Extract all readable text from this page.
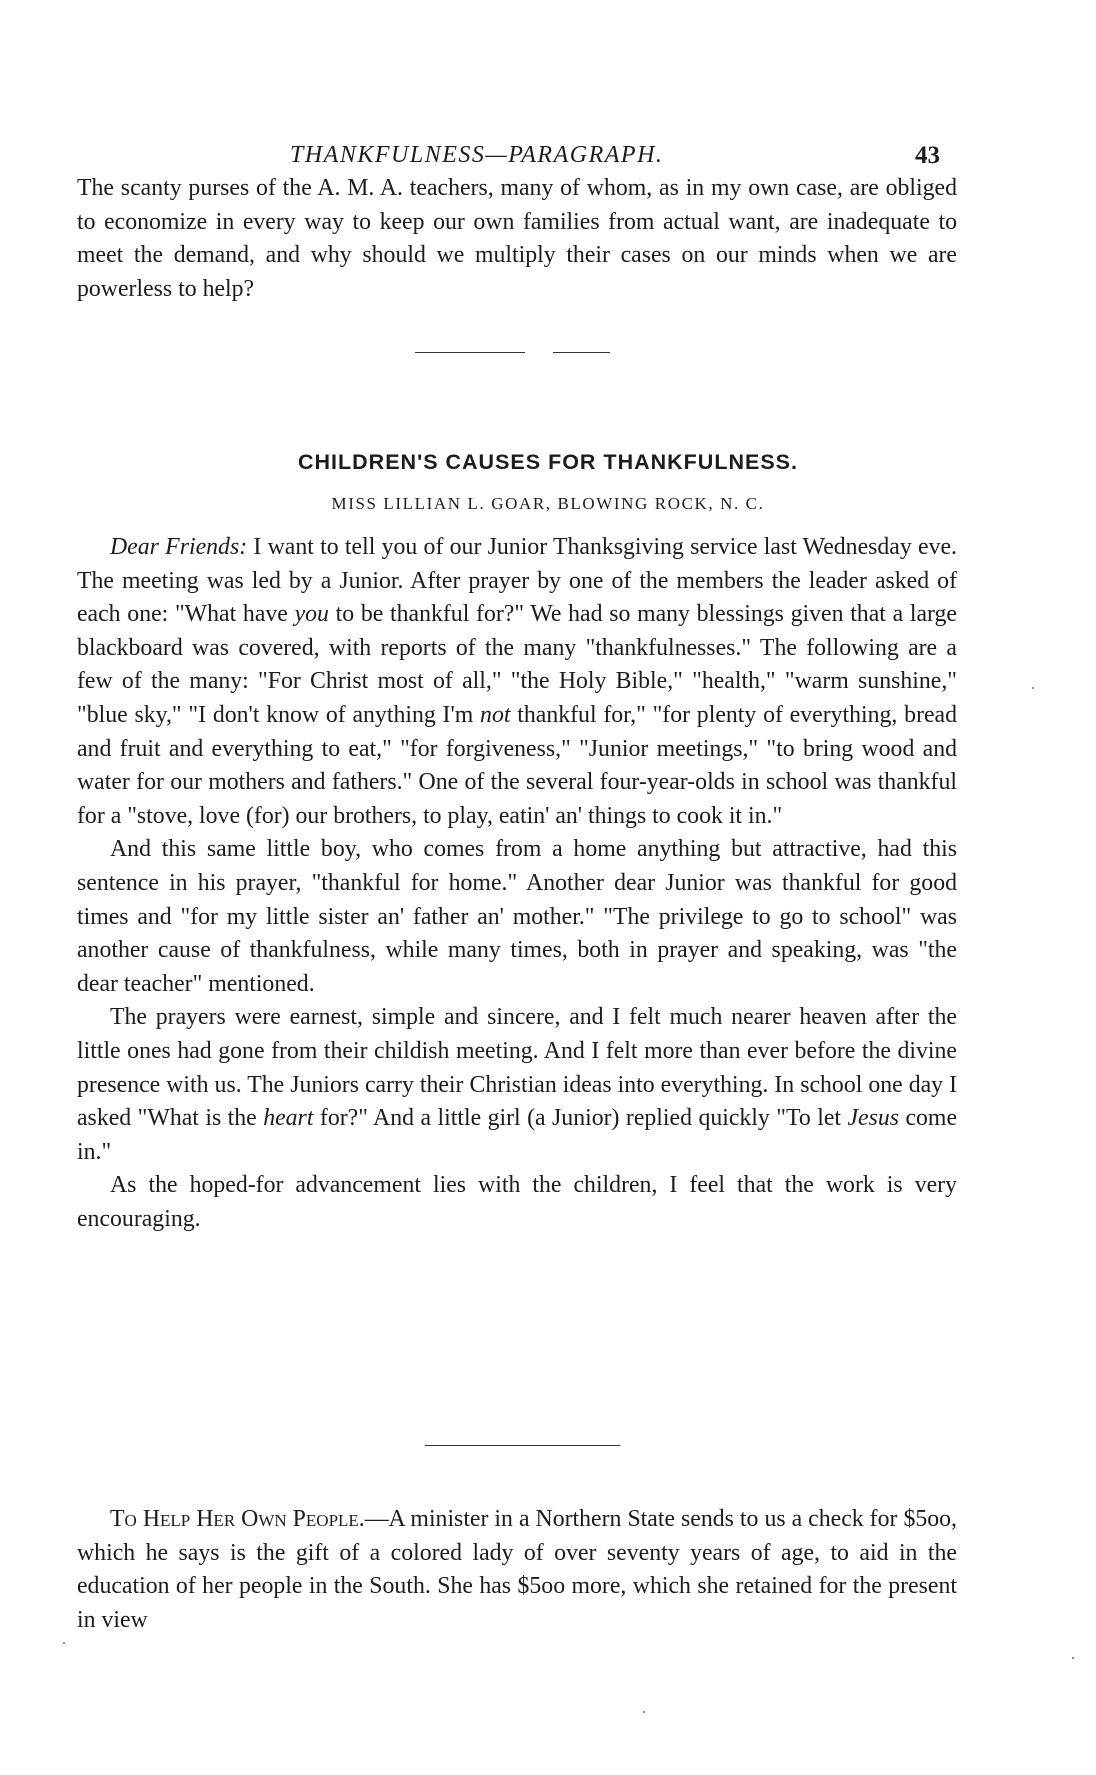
THANKFULNESS—PARAGRAPH.	43

The scanty purses of the A. M. A. teachers, many of whom, as in my own case, are obliged to economize in every way to keep our own families from actual want, are inadequate to meet the demand, and why should we multiply their cases on our minds when we are powerless to help?

CHILDREN'S CAUSES FOR THANKFULNESS.
MISS LILLIAN L. GOAR, BLOWING ROCK, N. C.

Dear Friends: I want to tell you of our Junior Thanksgiving service last Wednesday eve. The meeting was led by a Junior. After prayer by one of the members the leader asked of each one: "What have you to be thankful for?" We had so many blessings given that a large blackboard was covered, with reports of the many "thankfulnesses." The following are a few of the many: "For Christ most of all," "the Holy Bible," "health," "warm sunshine," "blue sky," "I don't know of anything I'm not thankful for," "for plenty of everything, bread and fruit and everything to eat," "for forgiveness," "Junior meetings," "to bring wood and water for our mothers and fathers." One of the several four-year-olds in school was thankful for a "stove, love (for) our brothers, to play, eatin' an' things to cook it in."

And this same little boy, who comes from a home anything but attractive, had this sentence in his prayer, "thankful for home." Another dear Junior was thankful for good times and "for my little sister an' father an' mother." "The privilege to go to school" was another cause of thankfulness, while many times, both in prayer and speaking, was "the dear teacher" mentioned.

The prayers were earnest, simple and sincere, and I felt much nearer heaven after the little ones had gone from their childish meeting. And I felt more than ever before the divine presence with us. The Juniors carry their Christian ideas into everything. In school one day I asked "What is the heart for?" And a little girl (a Junior) replied quickly "To let Jesus come in."

As the hoped-for advancement lies with the children, I feel that the work is very encouraging.

To Help Her Own People.—A minister in a Northern State sends to us a check for $5oo, which he says is the gift of a colored lady of over seventy years of age, to aid in the education of her people in the South. She has $5oo more, which she retained for the present in view
